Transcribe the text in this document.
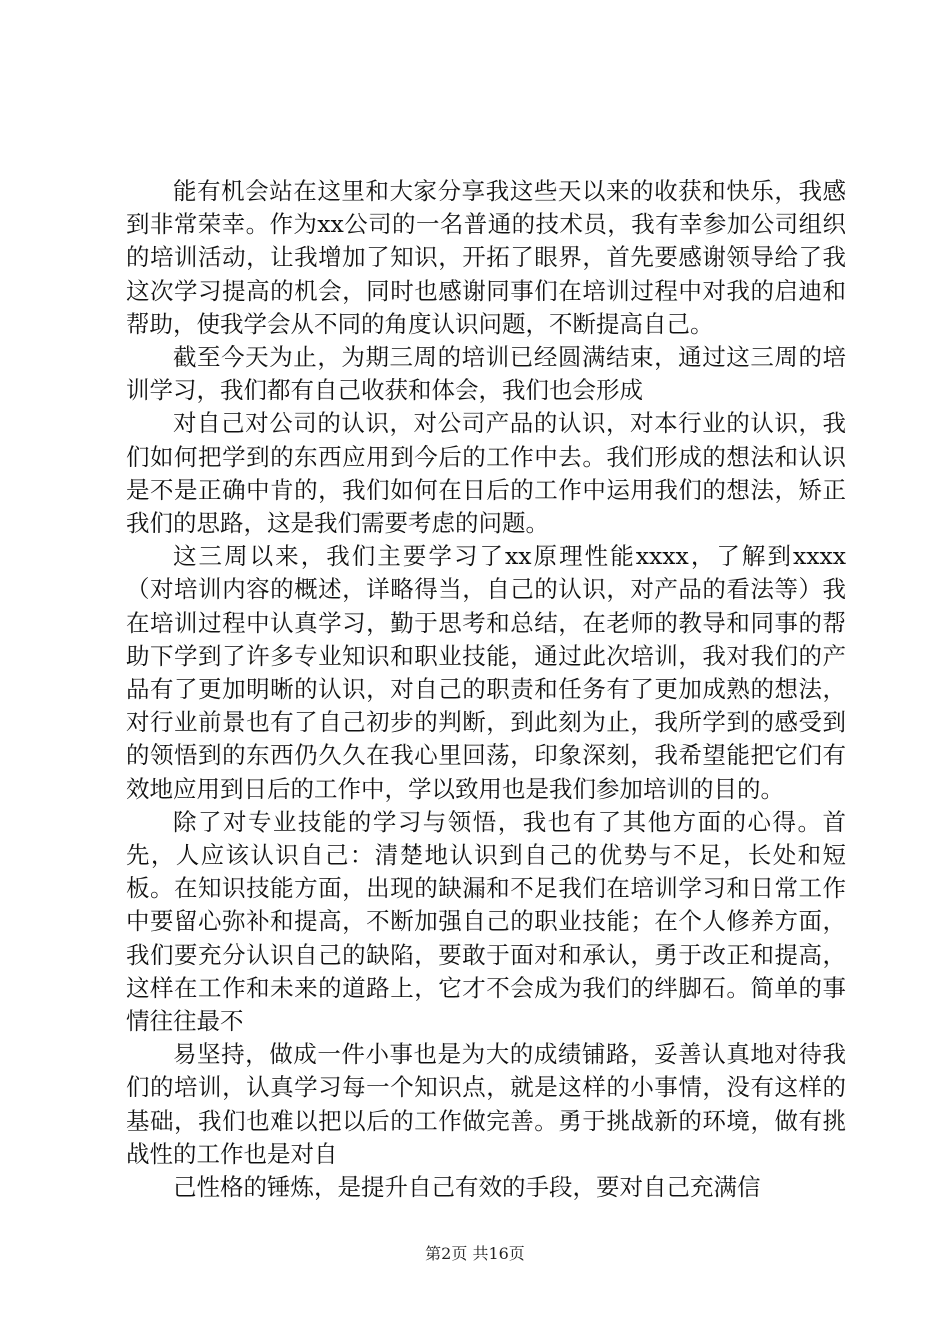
能有机会站在这里和大家分享我这些天以来的收获和快乐，我感到非常荣幸。作为xx公司的一名普通的技术员，我有幸参加公司组织的培训活动，让我增加了知识，开拓了眼界，首先要感谢领导给了我这次学习提高的机会，同时也感谢同事们在培训过程中对我的启迪和帮助，使我学会从不同的角度认识问题，不断提高自己。

截至今天为止，为期三周的培训已经圆满结束，通过这三周的培训学习，我们都有自己收获和体会，我们也会形成

对自己对公司的认识，对公司产品的认识，对本行业的认识，我们如何把学到的东西应用到今后的工作中去。我们形成的想法和认识是不是正确中肯的，我们如何在日后的工作中运用我们的想法，矫正我们的思路，这是我们需要考虑的问题。

这三周以来，我们主要学习了xx原理性能xxxx，了解到xxxx（对培训内容的概述，详略得当，自己的认识，对产品的看法等）我在培训过程中认真学习，勤于思考和总结，在老师的教导和同事的帮助下学到了许多专业知识和职业技能，通过此次培训，我对我们的产品有了更加明晰的认识，对自己的职责和任务有了更加成熟的想法，对行业前景也有了自己初步的判断，到此刻为止，我所学到的感受到的领悟到的东西仍久久在我心里回荡，印象深刻，我希望能把它们有效地应用到日后的工作中，学以致用也是我们参加培训的目的。

除了对专业技能的学习与领悟，我也有了其他方面的心得。首先，人应该认识自己：清楚地认识到自己的优势与不足，长处和短板。在知识技能方面，出现的缺漏和不足我们在培训学习和日常工作中要留心弥补和提高，不断加强自己的职业技能；在个人修养方面，我们要充分认识自己的缺陷，要敢于面对和承认，勇于改正和提高，这样在工作和未来的道路上，它才不会成为我们的绊脚石。简单的事情往往最不

易坚持，做成一件小事也是为大的成绩铺路，妥善认真地对待我们的培训，认真学习每一个知识点，就是这样的小事情，没有这样的基础，我们也难以把以后的工作做完善。勇于挑战新的环境，做有挑战性的工作也是对自

己性格的锤炼，是提升自己有效的手段，要对自己充满信

第2页 共16页
